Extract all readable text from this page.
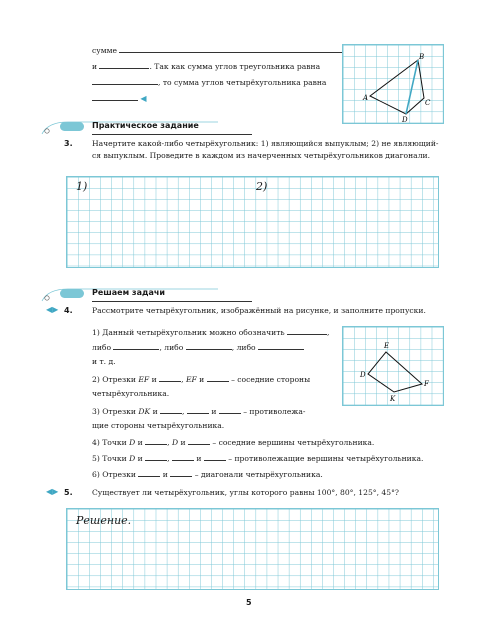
сумме
и	. Так как сумма углов треугольника равна
, то сумма углов четырёхугольника равна
◀	A
B
C
D
Практическое задание
3.	Начертите какой-либо четырёхугольник: 1) являющийся выпуклым; 2) не являющий-
ся выпуклым. Проведите в каждом из начерченных четырёхугольников диагонали.
1)	2)
Решаем задачи
◀▶ 4.	Рассмотрите четырёхугольник, изображённый на рисунке, и заполните пропуски.
1) Данный четырёхугольник можно обозначить	,
либо	, либо	, либо
и т. д.
2) Отрезки EF и	, EF и	– соседние стороны
четырёхугольника.
3) Отрезки DK и	,	и	– противолежа-
щие стороны четырёхугольника.
4) Точки D и	, D и	– соседние вершины четырёхугольника.
5) Точки D и	,	и	– противолежащие вершины четырёхугольника.
6) Отрезки	и	– диагонали четырёхугольника.
E
D
F
K
◀▶ 5.	Существует ли четырёхугольник, углы которого равны 100°, 80°, 125°, 45°?
Решение.
5
